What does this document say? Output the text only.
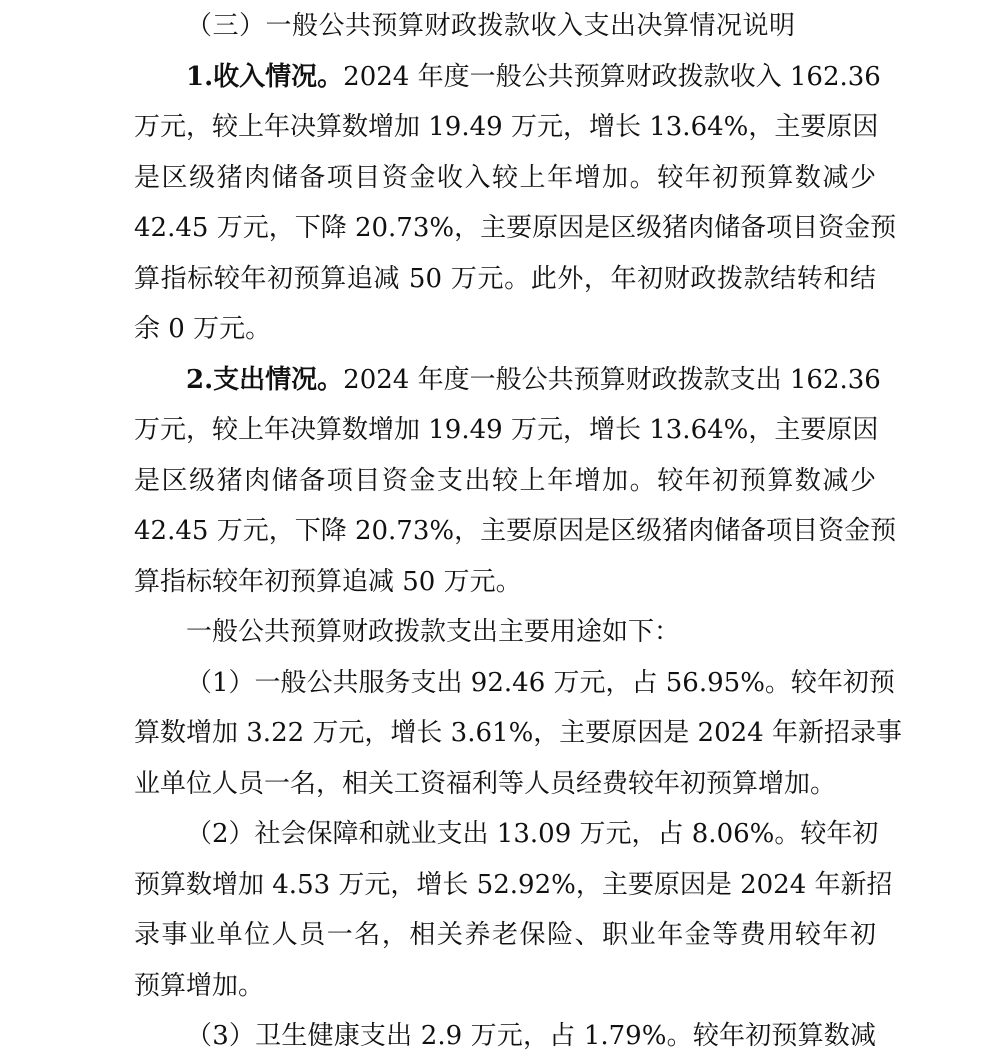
（三）一般公共预算财政拨款收入支出决算情况说明
1.收入情况。2024 年度一般公共预算财政拨款收入 162.36
万元，较上年决算数增加 19.49 万元，增长 13.64%，主要原因
是区级猪肉储备项目资金收入较上年增加。较年初预算数减少
42.45 万元，下降 20.73%，主要原因是区级猪肉储备项目资金预
算指标较年初预算追减 50 万元。此外，年初财政拨款结转和结
余 0 万元。
2.支出情况。2024 年度一般公共预算财政拨款支出 162.36
万元，较上年决算数增加 19.49 万元，增长 13.64%，主要原因
是区级猪肉储备项目资金支出较上年增加。较年初预算数减少
42.45 万元，下降 20.73%，主要原因是区级猪肉储备项目资金预
算指标较年初预算追减 50 万元。
一般公共预算财政拨款支出主要用途如下：
（1）一般公共服务支出 92.46 万元，占 56.95%。较年初预
算数增加 3.22 万元，增长 3.61%，主要原因是 2024 年新招录事
业单位人员一名，相关工资福利等人员经费较年初预算增加。
（2）社会保障和就业支出 13.09 万元，占 8.06%。较年初
预算数增加 4.53 万元，增长 52.92%，主要原因是 2024 年新招
录事业单位人员一名，相关养老保险、职业年金等费用较年初
预算增加。
（3）卫生健康支出 2.9 万元，占 1.79%。较年初预算数减
